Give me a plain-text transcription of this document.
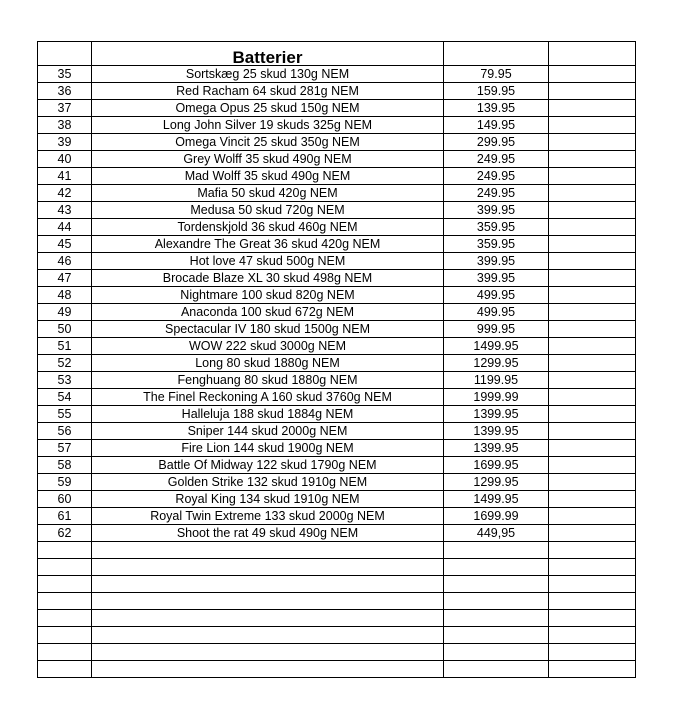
	Batterier		
35	Sortskæg 25 skud 130g NEM	79.95	
36	Red Racham 64 skud 281g NEM	159.95	
37	Omega Opus 25 skud 150g NEM	139.95	
38	Long John Silver 19 skuds 325g NEM	149.95	
39	Omega Vincit 25 skud 350g NEM	299.95	
40	Grey Wolff 35 skud 490g NEM	249.95	
41	Mad Wolff 35 skud 490g NEM	249.95	
42	Mafia 50 skud 420g NEM	249.95	
43	Medusa 50 skud 720g NEM	399.95	
44	Tordenskjold 36 skud 460g NEM	359.95	
45	Alexandre The Great 36 skud 420g NEM	359.95	
46	Hot love 47 skud 500g NEM	399.95	
47	Brocade Blaze XL 30 skud 498g NEM	399.95	
48	Nightmare 100 skud 820g NEM	499.95	
49	Anaconda 100 skud 672g NEM	499.95	
50	Spectacular IV 180 skud 1500g NEM	999.95	
51	WOW 222 skud 3000g NEM	1499.95	
52	Long 80 skud 1880g NEM	1299.95	
53	Fenghuang 80 skud 1880g NEM	1199.95	
54	The Finel Reckoning A 160 skud 3760g NEM	1999.99	
55	Halleluja 188 skud 1884g NEM	1399.95	
56	Sniper 144 skud 2000g NEM	1399.95	
57	Fire Lion 144 skud 1900g NEM	1399.95	
58	Battle Of Midway 122 skud 1790g NEM	1699.95	
59	Golden Strike 132 skud 1910g NEM	1299.95	
60	Royal King 134 skud 1910g NEM	1499.95	
61	Royal Twin Extreme 133 skud 2000g NEM	1699.99	
62	Shoot the rat 49 skud 490g NEM	449,95	
